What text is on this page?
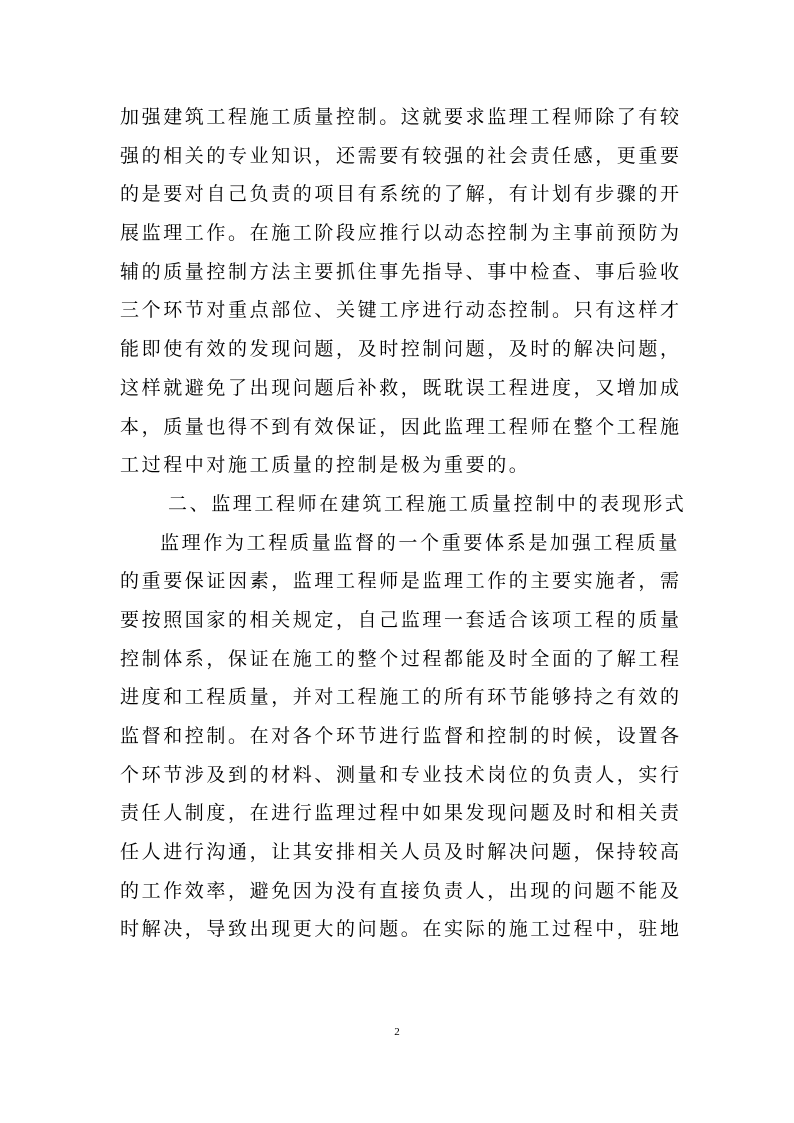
加强建筑工程施工质量控制。这就要求监理工程师除了有较
强的相关的专业知识，还需要有较强的社会责任感，更重要
的是要对自己负责的项目有系统的了解，有计划有步骤的开
展监理工作。在施工阶段应推行以动态控制为主事前预防为
辅的质量控制方法主要抓住事先指导、事中检查、事后验收
三个环节对重点部位、关键工序进行动态控制。只有这样才
能即使有效的发现问题，及时控制问题，及时的解决问题，
这样就避免了出现问题后补救，既耽误工程进度，又增加成
本，质量也得不到有效保证，因此监理工程师在整个工程施
工过程中对施工质量的控制是极为重要的。
二、监理工程师在建筑工程施工质量控制中的表现形式
监理作为工程质量监督的一个重要体系是加强工程质量
的重要保证因素，监理工程师是监理工作的主要实施者，需
要按照国家的相关规定，自己监理一套适合该项工程的质量
控制体系，保证在施工的整个过程都能及时全面的了解工程
进度和工程质量，并对工程施工的所有环节能够持之有效的
监督和控制。在对各个环节进行监督和控制的时候，设置各
个环节涉及到的材料、测量和专业技术岗位的负责人，实行
责任人制度，在进行监理过程中如果发现问题及时和相关责
任人进行沟通，让其安排相关人员及时解决问题，保持较高
的工作效率，避免因为没有直接负责人，出现的问题不能及
时解决，导致出现更大的问题。在实际的施工过程中，驻地
2
